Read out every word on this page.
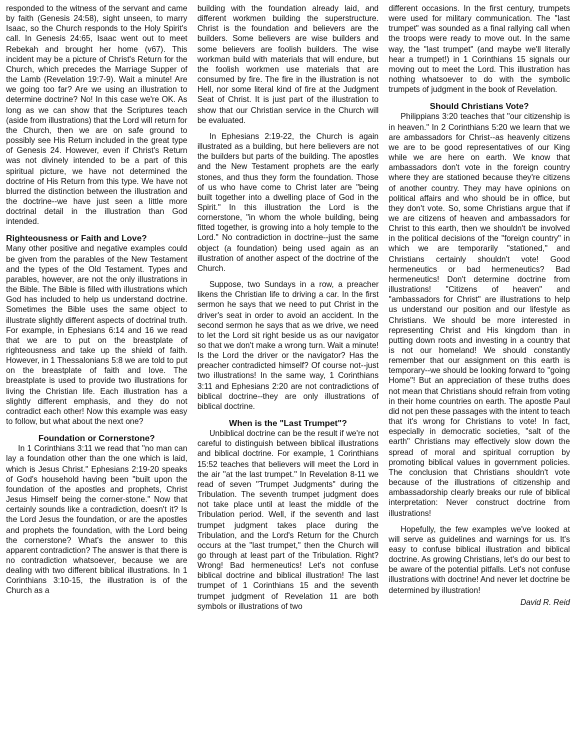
responded to the witness of the servant and came by faith (Genesis 24:58), sight unseen, to marry Isaac, so the Church responds to the Holy Spirit's call. In Genesis 24:65, Isaac went out to meet Rebekah and brought her home (v67). This incident may be a picture of Christ's Return for the Church, which precedes the Marriage Supper of the Lamb (Revelation 19:7-9). Wait a minute! Are we going too far? Are we using an illustration to determine doctrine? No! In this case we're OK. As long as we can show that the Scriptures teach (aside from illustrations) that the Lord will return for the Church, then we are on safe ground to possibly see His Return included in the great type of Genesis 24. However, even if Christ's Return was not divinely intended to be a part of this spiritual picture, we have not determined the doctrine of His Return from this type. We have not blurred the distinction between the illustration and the doctrine--we have just seen a little more doctrinal detail in the illustration than God intended.

Righteousness or Faith and Love?

Many other positive and negative examples could be given from the parables of the New Testament and the types of the Old Testament. Types and parables, however, are not the only illustrations in the Bible. The Bible is filled with illustrations which God has included to help us understand doctrine. Sometimes the Bible uses the same object to illustrate slightly different aspects of doctrinal truth. For example, in Ephesians 6:14 and 16 we read that we are to put on the breastplate of righteousness and take up the shield of faith. However, in 1 Thessalonians 5:8 we are told to put on the breastplate of faith and love. The breastplate is used to provide two illustrations for living the Christian life. Each illustration has a slightly different emphasis, and they do not contradict each other! Now this example was easy to follow, but what about the next one?

Foundation or Cornerstone?

In 1 Corinthians 3:11 we read that "no man can lay a foundation other than the one which is laid, which is Jesus Christ." Ephesians 2:19-20 speaks of God's household having been "built upon the foundation of the apostles and prophets, Christ Jesus Himself being the corner-stone." Now that certainly sounds like a contradiction, doesn't it? Is the Lord Jesus the foundation, or are the apostles and prophets the foundation, with the Lord being the cornerstone? What's the answer to this apparent contradiction? The answer is that there is no contradiction whatsoever, because we are dealing with two different biblical illustrations. In 1 Corinthians 3:10-15, the illustration is of the Church as a

building with the foundation already laid, and different workmen building the superstructure. Christ is the foundation and believers are the builders. Some believers are wise builders and some believers are foolish builders. The wise workman build with materials that will endure, but the foolish workmen use materials that are consumed by fire. The fire in the illustration is not Hell, nor some literal kind of fire at the Judgment Seat of Christ. It is just part of the illustration to show that our Christian service in the Church will be evaluated.

In Ephesians 2:19-22, the Church is again illustrated as a building, but here believers are not the builders but parts of the building. The apostles and the New Testament prophets are the early stones, and thus they form the foundation. Those of us who have come to Christ later are "being built together into a dwelling place of God in the Spirit." In this illustration the Lord is the cornerstone, "in whom the whole building, being fitted together, is growing into a holy temple to the Lord." No contradiction in doctrine--just the same object (a foundation) being used again as an illustration of another aspect of the doctrine of the Church.

Suppose, two Sundays in a row, a preacher likens the Christian life to driving a car. In the first sermon he says that we need to put Christ in the driver's seat in order to avoid an accident. In the second sermon he says that as we drive, we need to let the Lord sit right beside us as our navigator so that we don't make a wrong turn. Wait a minute! Is the Lord the driver or the navigator? Has the preacher contradicted himself? Of course not--just two illustrations! In the same way, 1 Corinthians 3:11 and Ephesians 2:20 are not contradictions of biblical doctrine--they are only illustrations of biblical doctrine.

When is the "Last Trumpet"?

Unbiblical doctrine can be the result if we're not careful to distinguish between biblical illustrations and biblical doctrine. For example, 1 Corinthians 15:52 teaches that believers will meet the Lord in the air "at the last trumpet." In Revelation 8-11 we read of seven "Trumpet Judgments" during the Tribulation. The seventh trumpet judgment does not take place until at least the middle of the Tribulation period. Well, if the seventh and last trumpet judgment takes place during the Tribulation, and the Lord's Return for the Church occurs at the "last trumpet," then the Church will go through at least part of the Tribulation. Right? Wrong! Bad hermeneutics! Let's not confuse biblical doctrine and biblical illustration! The last trumpet of 1 Corinthians 15 and the seventh trumpet judgment of Revelation 11 are both symbols or illustrations of two

different occasions. In the first century, trumpets were used for military communication. The "last trumpet" was sounded as a final rallying call when the troops were ready to move out. In the same way, the "last trumpet" (and maybe we'll literally hear a trumpet!) in 1 Corinthians 15 signals our moving out to meet the Lord. This illustration has nothing whatsoever to do with the symbolic trumpets of judgment in the book of Revelation.

Should Christians Vote?

Philippians 3:20 teaches that "our citizenship is in heaven." In 2 Corinthians 5:20 we learn that we are ambassadors for Christ--as heavenly citizens we are to be good representatives of our King while we are here on earth. We know that ambassadors don't vote in the foreign country where they are stationed because they're citizens of another country. They may have opinions on political affairs and who should be in office, but they don't vote. So, some Christians argue that if we are citizens of heaven and ambassadors for Christ to this earth, then we shouldn't be involved in the political decisions of the "foreign country" in which we are temporarily "stationed," and Christians certainly shouldn't vote! Good hermeneutics or bad hermeneutics? Bad hermeneutics! Don't determine doctrine from illustrations! "Citizens of heaven" and "ambassadors for Christ" are illustrations to help us understand our position and our lifestyle as Christians. We should be more interested in representing Christ and His kingdom than in putting down roots and investing in a country that is not our homeland! We should constantly remember that our assignment on this earth is temporary--we should be looking forward to "going Home"! But an appreciation of these truths does not mean that Christians should refrain from voting in their home countries on earth. The apostle Paul did not pen these passages with the intent to teach that it's wrong for Christians to vote! In fact, especially in democratic societies, "salt of the earth" Christians may effectively slow down the spread of moral and spiritual corruption by promoting biblical values in government policies. The conclusion that Christians shouldn't vote because of the illustrations of citizenship and ambassadorship clearly breaks our rule of biblical interpretation: Never construct doctrine from illustrations!

Hopefully, the few examples we've looked at will serve as guidelines and warnings for us. It's easy to confuse biblical illustration and biblical doctrine. As growing Christians, let's do our best to be aware of the potential pitfalls. Let's not confuse illustrations with doctrine! And never let doctrine be determined by illustration!

David R. Reid
